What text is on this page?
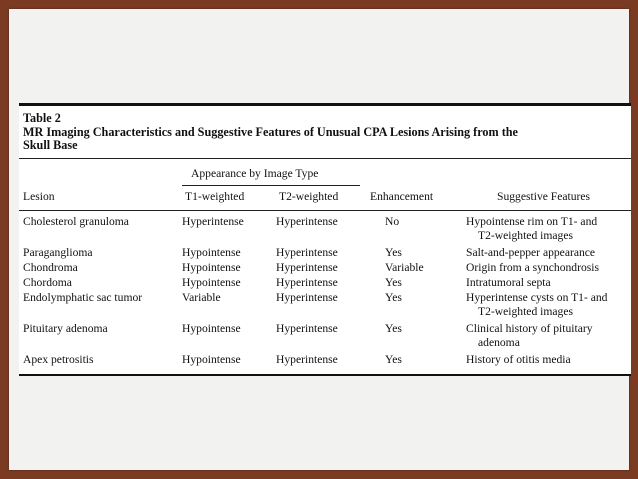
Table 2
MR Imaging Characteristics and Suggestive Features of Unusual CPA Lesions Arising from the
Skull Base
Appearance by Image Type
Lesion	T1-weighted	T2-weighted	Enhancement	Suggestive Features
Cholesterol granuloma	Hyperintense	Hyperintense	No	Hypointense rim on T1- and
T2-weighted images
Paraganglioma	Hypointense	Hyperintense	Yes	Salt-and-pepper appearance
Chondroma	Hypointense	Hyperintense	Variable	Origin from a synchondrosis
Chordoma	Hypointense	Hyperintense	Yes	Intratumoral septa
Endolymphatic sac tumor	Variable	Hyperintense	Yes	Hyperintense cysts on T1- and
T2-weighted images
Pituitary adenoma	Hypointense	Hyperintense	Yes	Clinical history of pituitary
adenoma
Apex petrositis	Hypointense	Hyperintense	Yes	History of otitis media
